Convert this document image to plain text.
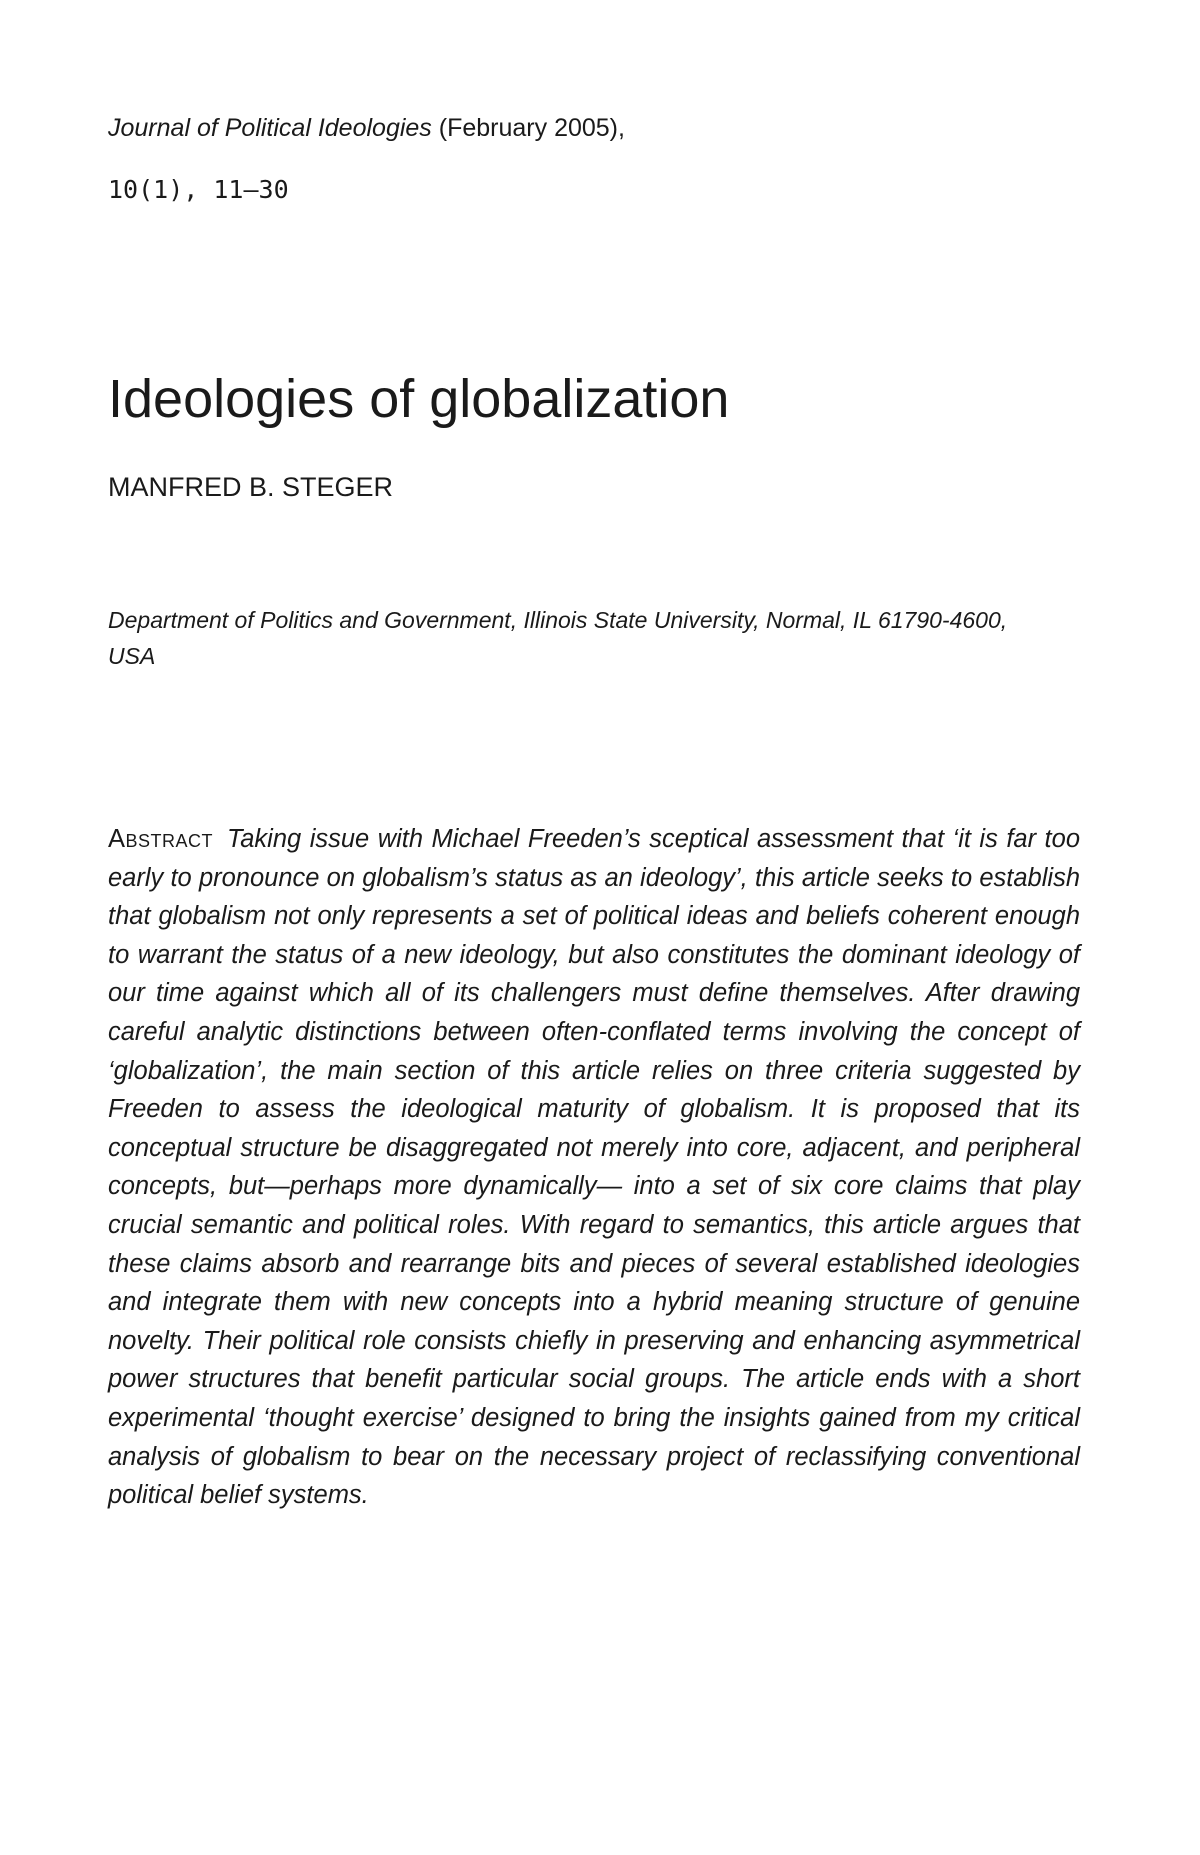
Journal of Political Ideologies (February 2005),
10(1), 11–30
Ideologies of globalization
MANFRED B. STEGER
Department of Politics and Government, Illinois State University, Normal, IL 61790-4600, USA

Abstract Taking issue with Michael Freeden’s sceptical assessment that ‘it is far too early to pronounce on globalism’s status as an ideology’, this article seeks to establish that globalism not only represents a set of political ideas and beliefs coherent enough to warrant the status of a new ideology, but also constitutes the dominant ideology of our time against which all of its challengers must define themselves. After drawing careful analytic distinctions between often-conflated terms involving the concept of ‘globalization’, the main section of this article relies on three criteria suggested by Freeden to assess the ideological maturity of globalism. It is proposed that its conceptual structure be disaggregated not merely into core, adjacent, and peripheral concepts, but—perhaps more dynamically— into a set of six core claims that play crucial semantic and political roles. With regard to semantics, this article argues that these claims absorb and rearrange bits and pieces of several established ideologies and integrate them with new concepts into a hybrid meaning structure of genuine novelty. Their political role consists chiefly in preserving and enhancing asymmetrical power structures that benefit particular social groups. The article ends with a short experimental ‘thought exercise’ designed to bring the insights gained from my critical analysis of globalism to bear on the necessary project of reclassifying conventional political belief systems.
